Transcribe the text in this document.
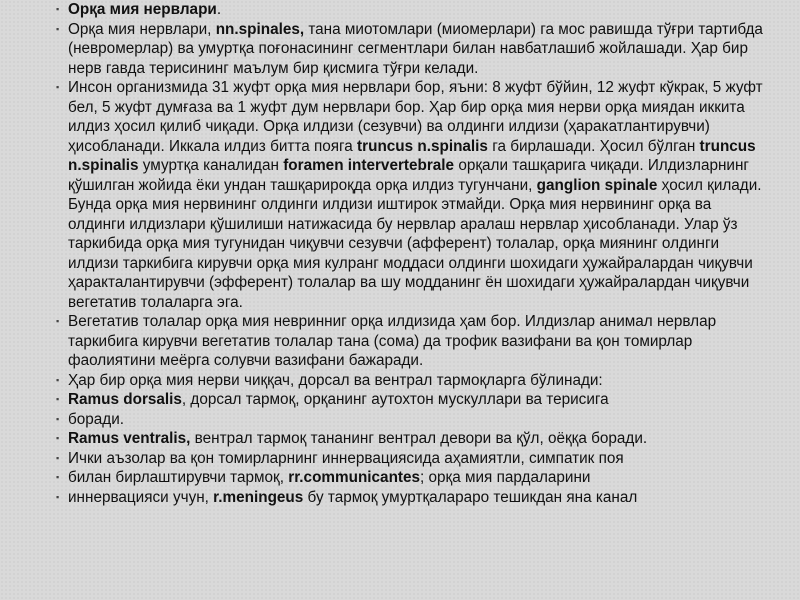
▪ Орқа мия нервлари.
▪ Орқа мия нервлари, nn.spinales, тана миотомлари (миомерлари) га мос равишда тўғри тартибда (невромерлар) ва умуртқа поғонасининг сегментлари билан навбатлашиб жойлашади. Ҳар бир нерв гавда терисининг маълум бир қисмига тўғри келади.
▪ Инсон организмида 31 жуфт орқа мия нервлари бор, яъни: 8 жуфт бўйин, 12 жуфт кўкрак, 5 жуфт бел, 5 жуфт думғаза ва 1 жуфт дум нервлари бор. Ҳар бир орқа мия нерви орқа миядан иккита илдиз ҳосил қилиб чиқади. Орқа илдизи (сезувчи) ва олдинги илдизи (ҳаракатлантирувчи) ҳисобланади. Иккала илдиз битта пояга truncus n.spinalis га бирлашади. Ҳосил бўлган truncus n.spinalis умуртқа каналидан foramen intervertebrale орқали ташқарига чиқади. Илдизларнинг қўшилган жойида ёки ундан ташқарироқда орқа илдиз тугунчани, ganglion spinale ҳосил қилади. Бунда орқа мия нервининг олдинги илдизи иштирок этмайди. Орқа мия нервининг орқа ва олдинги илдизлари қўшилиши натижасида бу нервлар аралаш нервлар ҳисобланади. Улар ўз таркибида орқа мия тугунидан чиқувчи сезувчи (афферент) толалар, орқа миянинг олдинги илдизи таркибига кирувчи орқа мия кулранг моддаси олдинги шохидаги ҳужайралардан чиқувчи ҳаракталантирувчи (эфферент) толалар ва шу модданинг ён шохидаги ҳужайралардан чиқувчи вегетатив толаларга эга.
▪ Вегетатив толалар орқа мия невринниг орқа илдизида ҳам бор. Илдизлар анимал нервлар таркибига кирувчи вегетатив толалар тана (сома) да трофик вазифани ва қон томирлар фаолиятини меёрга солувчи вазифани бажаради.
▪ Ҳар бир орқа мия нерви чиққач, дорсал ва вентрал тармоқларга бўлинади:
▪ Ramus dorsalis, дорсал тармоқ, орқанинг аутохтон мускуллари ва терисига
▪ боради.
▪ Ramus ventralis, вентрал тармоқ тананинг вентрал девори ва қўл, оёққа боради.
▪ Ички аъзолар ва қон томирларнинг иннервациясида аҳамиятли, симпатик поя
▪ билан бирлаштирувчи тармоқ, rr.communicantes; орқа мия пардаларини
▪ иннервацияси учун, r.meningeus бу тармоқ умуртқалараро тешикдан яна канал
